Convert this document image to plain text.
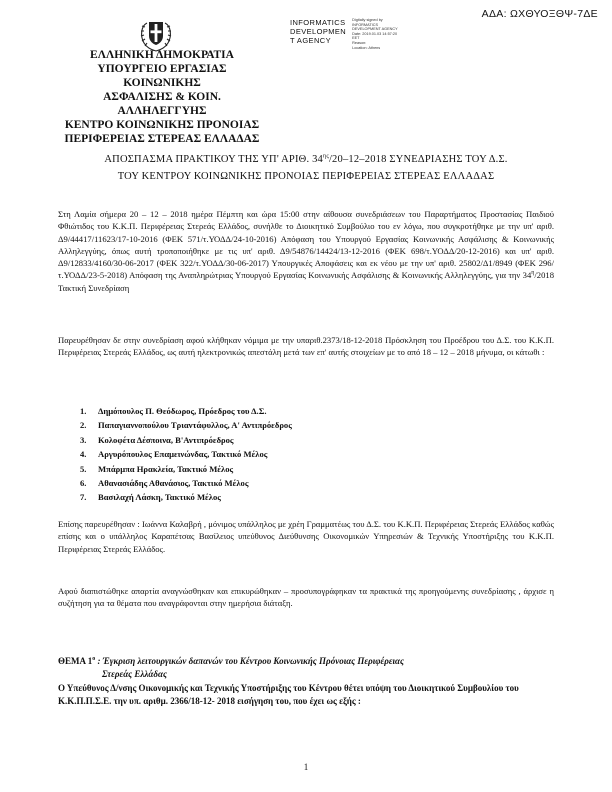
ΑΔΑ: ΩΧΘΥΟΞΘΨ-7ΔΕ
INFORMATICS
DEVELOPMEN
T AGENCY
Digitally signed by
INFORMATICS
DEVELOPMENT AGENCY
Date: 2019.01.03 14:57:20
EET
Reason:
Location: Athens
ΕΛΛΗΝΙΚΗ ΔΗΜΟΚΡΑΤΙΑ
ΥΠΟΥΡΓΕΙΟ ΕΡΓΑΣΙΑΣ ΚΟΙΝΩΝΙΚΗΣ
ΑΣΦΑΛΙΣΗΣ & ΚΟΙΝ. ΑΛΛΗΛΕΓΓΥΗΣ
ΚΕΝΤΡΟ ΚΟΙΝΩΝΙΚΗΣ ΠΡΟΝΟΙΑΣ
ΠΕΡΙΦΕΡΕΙΑΣ ΣΤΕΡΕΑΣ ΕΛΛΑΔΑΣ
ΑΠΟΣΠΑΣΜΑ ΠΡΑΚΤΙΚΟΥ ΤΗΣ ΥΠ' ΑΡΙΘ. $34^{\eta\varsigma}/20-12-2018$ ΣΥΝΕΔΡΙΑΣΗΣ ΤΟΥ Δ.Σ.
ΤΟΥ ΚΕΝΤΡΟΥ ΚΟΙΝΩΝΙΚΗΣ ΠΡΟΝΟΙΑΣ ΠΕΡΙΦΕΡΕΙΑΣ ΣΤΕΡΕΑΣ ΕΛΛΑΔΑΣ
Στη Λαμία σήμερα 20 – 12 – 2018 ημέρα Πέμπτη και ώρα 15:00 στην αίθουσα συνεδριάσεων του Παραρτήματος Προστασίας Παιδιού Φθιώτιδος του Κ.Κ.Π. Περιφέρειας Στερεάς Ελλάδος, συνήλθε το Διοικητικό Συμβούλιο του εν λόγω, που συγκροτήθηκε με την υπ' αριθ. Δ9/44417/11623/17-10-2016 (ΦΕΚ 571/τ.ΥΟΔΔ/24-10-2016) Απόφαση του Υπουργού Εργασίας Κοινωνικής Ασφάλισης & Κοινωνικής Αλληλεγγύης, όπως αυτή τροποποιήθηκε με τις υπ' αριθ. Δ9/54876/14424/13-12-2016 (ΦΕΚ 698/τ.ΥΟΔΔ/20-12-2016) και υπ' αριθ. Δ9/12833/4160/30-06-2017 (ΦΕΚ 322/τ.ΥΟΔΔ/30-06-2017) Υπουργικές Αποφάσεις και εκ νέου με την υπ' αριθ. 25802/Δ1/8949 (ΦΕΚ 296/τ.ΥΟΔΔ/23-5-2018) Απόφαση της Αναπληρώτριας Υπουργού Εργασίας Κοινωνικής Ασφάλισης & Κοινωνικής Αλληλεγγύης, για την $34^\eta/2018$ Τακτική Συνεδρίαση
Παρευρέθησαν δε στην συνεδρίαση αφού κλήθηκαν νόμιμα με την υπαριθ.2373/18-12-2018 Πρόσκληση του Προέδρου του Δ.Σ. του Κ.Κ.Π. Περιφέρειας Στερεάς Ελλάδος, ως αυτή ηλεκτρονικώς απεστάλη μετά των επ' αυτής στοιχείων με το από 18 – 12 – 2018 μήνυμα, οι κάτωθι :
1.	Δημόπουλος Π. Θεόδωρος, Πρόεδρος του Δ.Σ.
2.	Παπαγιαννοπούλου Τριαντάφυλλος, Α' Αντιπρόεδρος
3.	Κολοφέτα Δέσποινα, Β'Αντιπρόεδρος
4.	Αργυρόπουλος Επαμεινώνδας, Τακτικό Μέλος
5.	Μπάρμπα Ηρακλεία, Τακτικό Μέλος
6.	Αθανασιάδης Αθανάσιος, Τακτικό Μέλος
7.	Βασιλαχή Λάσκη, Τακτικό Μέλος
Επίσης παρευρέθησαν : Ιωάννα Καλαβρή , μόνιμος υπάλληλος με χρέη Γραμματέως του Δ.Σ. του Κ.Κ.Π. Περιφέρειας Στερεάς Ελλάδος καθώς επίσης και ο υπάλληλος Καραπέτσας Βασίλειος υπεύθυνος Διεύθυνσης Οικονομικών Υπηρεσιών & Τεχνικής Υποστήριξης του Κ.Κ.Π. Περιφέρειας Στερεάς Ελλάδος.
Αφού διαπιστώθηκε απαρτία αναγνώσθηκαν και επικυρώθηκαν – προσυπογράφηκαν τα πρακτικά της προηγούμενης συνεδρίασης , άρχισε η συζήτηση για τα θέματα που αναγράφονται στην ημερήσια διάταξη.
ΘΕΜΑ $1^o$ : Έγκριση λειτουργικών δαπανών του Κέντρου Κοινωνικής Πρόνοιας Περιφέρειας
Στερεάς Ελλάδας
Ο Υπεύθυνος Δ/νσης Οικονομικής και Τεχνικής Υποστήριξης του Κέντρου θέτει υπόψη του Διοικητικού Συμβουλίου του Κ.Κ.Π.Π.Σ.Ε. την υπ. αριθμ. 2366/18-12- 2018 εισήγηση του, που έχει ως εξής :
1
